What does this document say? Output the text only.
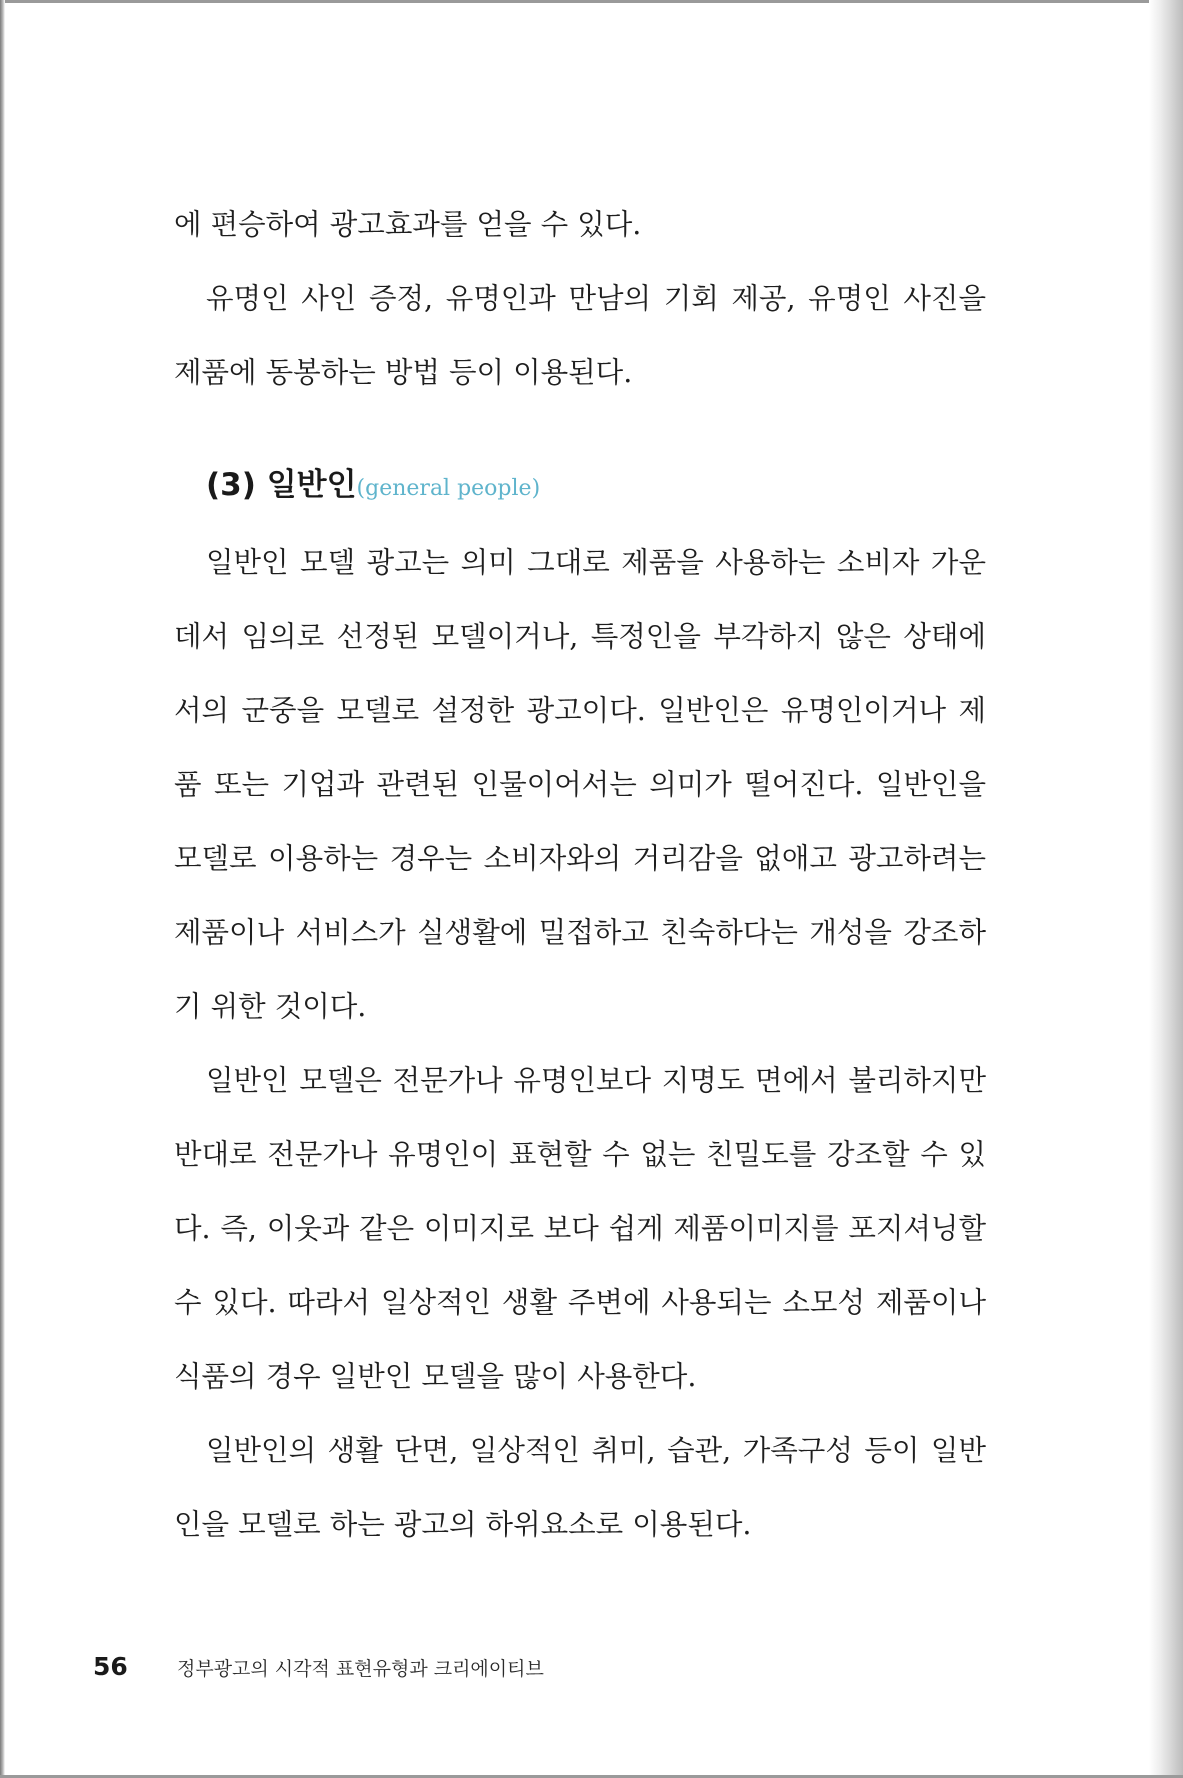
에 편승하여 광고효과를 얻을 수 있다.

유명인 사인 증정, 유명인과 만남의 기회 제공, 유명인 사진을 제품에 동봉하는 방법 등이 이용된다.

(3) 일반인(general people)

일반인 모델 광고는 의미 그대로 제품을 사용하는 소비자 가운데서 임의로 선정된 모델이거나, 특정인을 부각하지 않은 상태에서의 군중을 모델로 설정한 광고이다. 일반인은 유명인이거나 제품 또는 기업과 관련된 인물이어서는 의미가 떨어진다. 일반인을 모델로 이용하는 경우는 소비자와의 거리감을 없애고 광고하려는 제품이나 서비스가 실생활에 밀접하고 친숙하다는 개성을 강조하기 위한 것이다.

일반인 모델은 전문가나 유명인보다 지명도 면에서 불리하지만 반대로 전문가나 유명인이 표현할 수 없는 친밀도를 강조할 수 있다. 즉, 이웃과 같은 이미지로 보다 쉽게 제품이미지를 포지셔닝할 수 있다. 따라서 일상적인 생활 주변에 사용되는 소모성 제품이나 식품의 경우 일반인 모델을 많이 사용한다.

일반인의 생활 단면, 일상적인 취미, 습관, 가족구성 등이 일반인을 모델로 하는 광고의 하위요소로 이용된다.

56	정부광고의 시각적 표현유형과 크리에이티브
